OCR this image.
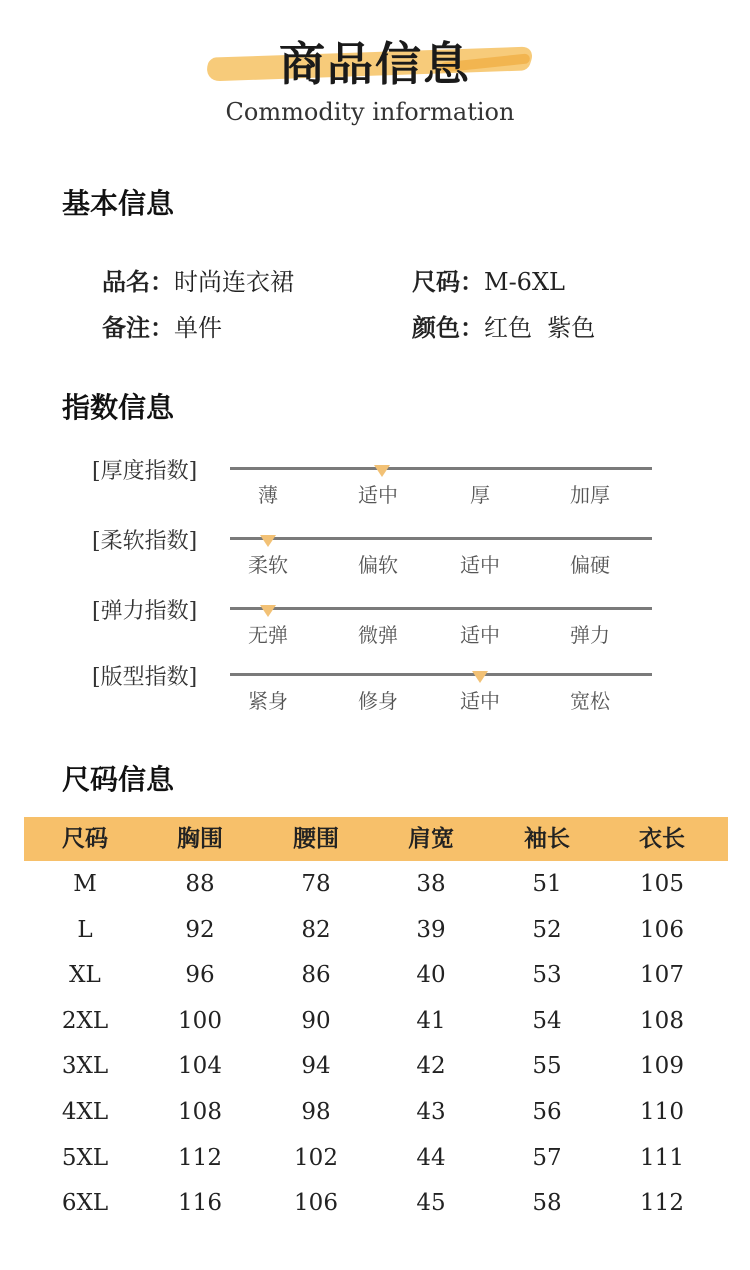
商品信息
Commodity information
基本信息
品名：时尚连衣裙	尺码：M-6XL
备注：单件	颜色：红色  紫色
指数信息
[厚度指数]
薄	适中	厚	加厚
[柔软指数]
柔软	偏软	适中	偏硬
[弹力指数]
无弹	微弹	适中	弹力
[版型指数]
紧身	修身	适中	宽松
尺码信息
尺码	胸围	腰围	肩宽	袖长	衣长
M	88	78	38	51	105
L	92	82	39	52	106
XL	96	86	40	53	107
2XL	100	90	41	54	108
3XL	104	94	42	55	109
4XL	108	98	43	56	110
5XL	112	102	44	57	111
6XL	116	106	45	58	112
